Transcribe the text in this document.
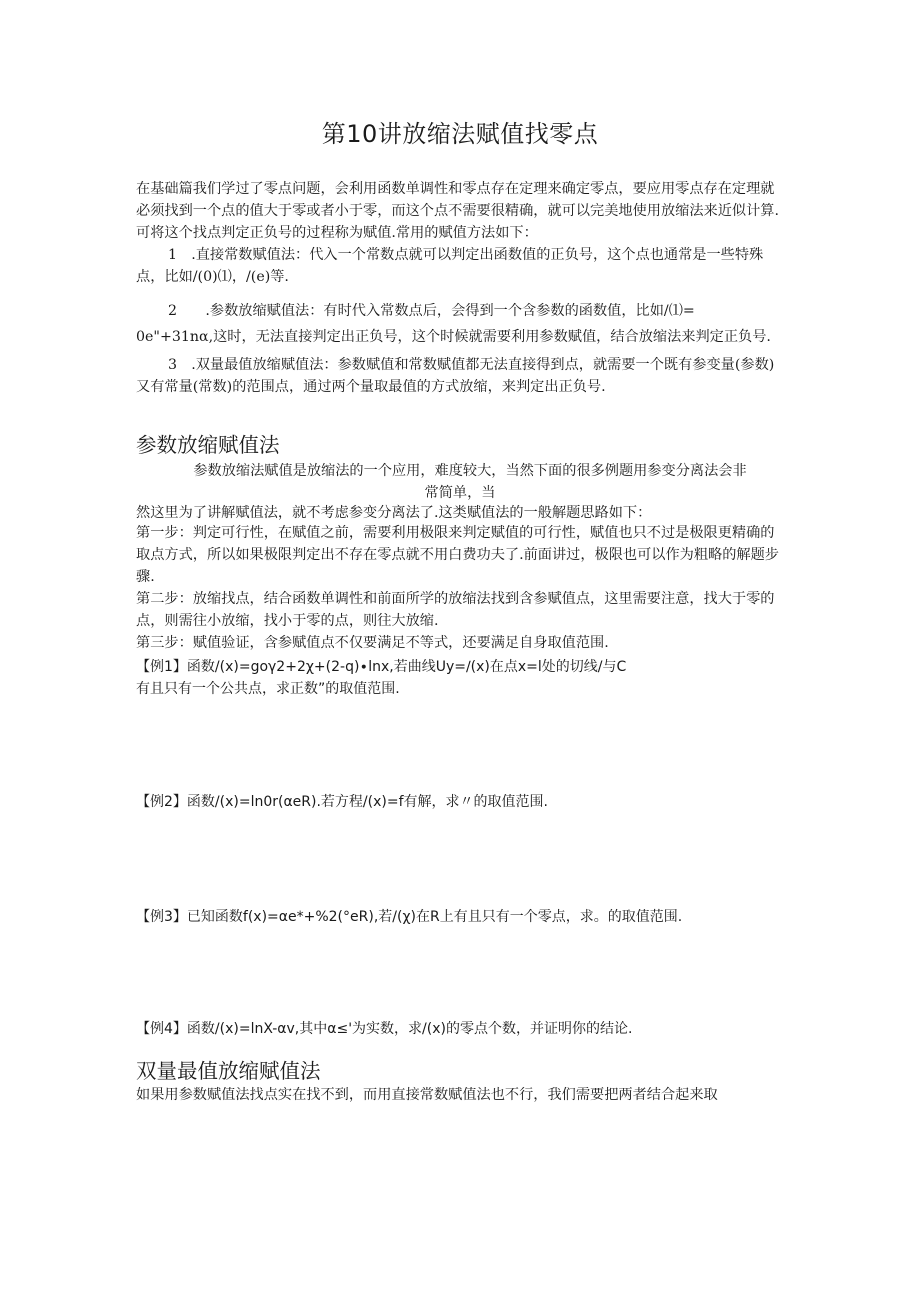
第10讲放缩法赋值找零点

在基础篇我们学过了零点问题，会利用函数单调性和零点存在定理来确定零点，要应用零点存在定理就必须找到一个点的值大于零或者小于零，而这个点不需要很精确，就可以完美地使用放缩法来近似计算.可将这个找点判定正负号的过程称为赋值.常用的赋值方法如下：

1　.直接常数赋值法：代入一个常数点就可以判定出函数值的正负号，这个点也通常是一些特殊点，比如/(0)⑴，/(e)等.

2　　.参数放缩赋值法：有时代入常数点后，会得到一个含参数的函数值，比如/⑴=

0e"+31nα,这时，无法直接判定出正负号，这个时候就需要利用参数赋值，结合放缩法来判定正负号.

3　.双量最值放缩赋值法：参数赋值和常数赋值都无法直接得到点，就需要一个既有参变量(参数)又有常量(常数)的范围点，通过两个量取最值的方式放缩，来判定出正负号.

参数放缩赋值法

参数放缩法赋值是放缩法的一个应用，难度较大，当然下面的很多例题用参变分离法会非

常简单，当

然这里为了讲解赋值法，就不考虑参变分离法了.这类赋值法的一般解题思路如下：

第一步：判定可行性，在赋值之前，需要利用极限来判定赋值的可行性，赋值也只不过是极限更精确的取点方式，所以如果极限判定出不存在零点就不用白费功夫了.前面讲过，极限也可以作为粗略的解题步骤.

第二步：放缩找点，结合函数单调性和前面所学的放缩法找到含参赋值点，这里需要注意，找大于零的点，则需往小放缩，找小于零的点，则往大放缩.

第三步：赋值验证，含参赋值点不仅要满足不等式，还要满足自身取值范围.

【例1】函数/(x)=goγ2+2χ+(2-q)∙lnx,若曲线Uy=∕(x)在点x=l处的切线/与C

有且只有一个公共点，求正数”的取值范围.

【例2】函数/(x)=ln0r(αeR).若方程/(x)=f有解，求〃的取值范围.

【例3】已知函数f(x)=αe*+%2(°eR),若/(χ)在R上有且只有一个零点，求。的取值范围.

【例4】函数/(x)=lnX-αv,其中α≤'为实数，求/(x)的零点个数，并证明你的结论.

双量最值放缩赋值法

如果用参数赋值法找点实在找不到，而用直接常数赋值法也不行，我们需要把两者结合起来取
